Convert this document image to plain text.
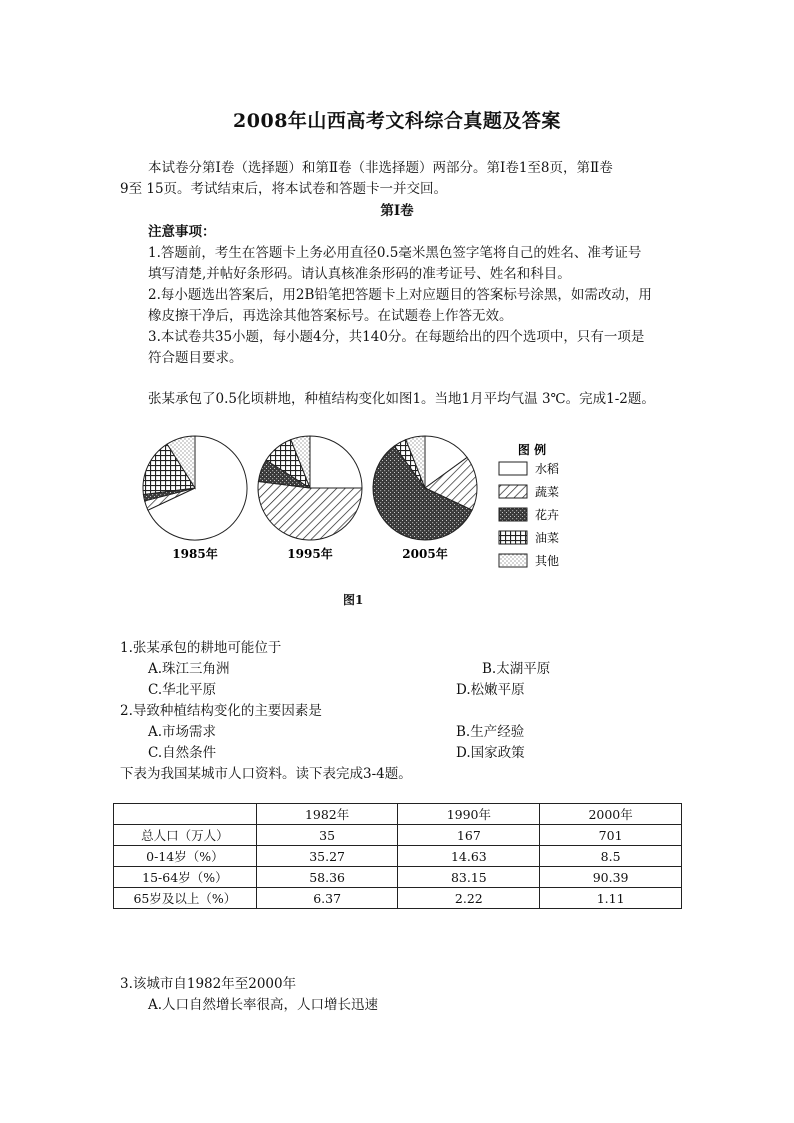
2008年山西高考文科综合真题及答案
本试卷分第Ⅰ卷（选择题）和第Ⅱ卷（非选择题）两部分。第Ⅰ卷1至8页，第Ⅱ卷
9至 15页。考试结束后，将本试卷和答题卡一并交回。
第Ⅰ卷
注意事项：
1.答题前，考生在答题卡上务必用直径0.5毫米黑色签字笔将自己的姓名、准考证号
填写清楚,并帖好条形码。请认真核准条形码的准考证号、姓名和科目。
2.每小题选出答案后，用2B铅笔把答题卡上对应题目的答案标号涂黑，如需改动，用
橡皮擦干净后，再选涂其他答案标号。在试题卷上作答无效。
3.本试卷共35小题，每小题4分，共140分。在每题给出的四个选项中，只有一项是
符合题目要求。
张某承包了0.5化顷耕地，种植结构变化如图1。当地1月平均气温 3℃。完成1-2题。
1985年	1995年	2005年
图 例
水稻
蔬菜
花卉
油菜
其他
图1
1.张某承包的耕地可能位于
A.珠江三角洲	B.太湖平原
C.华北平原	D.松嫩平原
2.导致种植结构变化的主要因素是
A.市场需求	B.生产经验
C.自然条件	D.国家政策
下表为我国某城市人口资料。读下表完成3-4题。
	1982年	1990年	2000年
总人口（万人）	35	167	701
0-14岁（%）	35.27	14.63	8.5
15-64岁（%）	58.36	83.15	90.39
65岁及以上（%）	6.37	2.22	1.11
3.该城市自1982年至2000年
A.人口自然增长率很高，人口增长迅速
